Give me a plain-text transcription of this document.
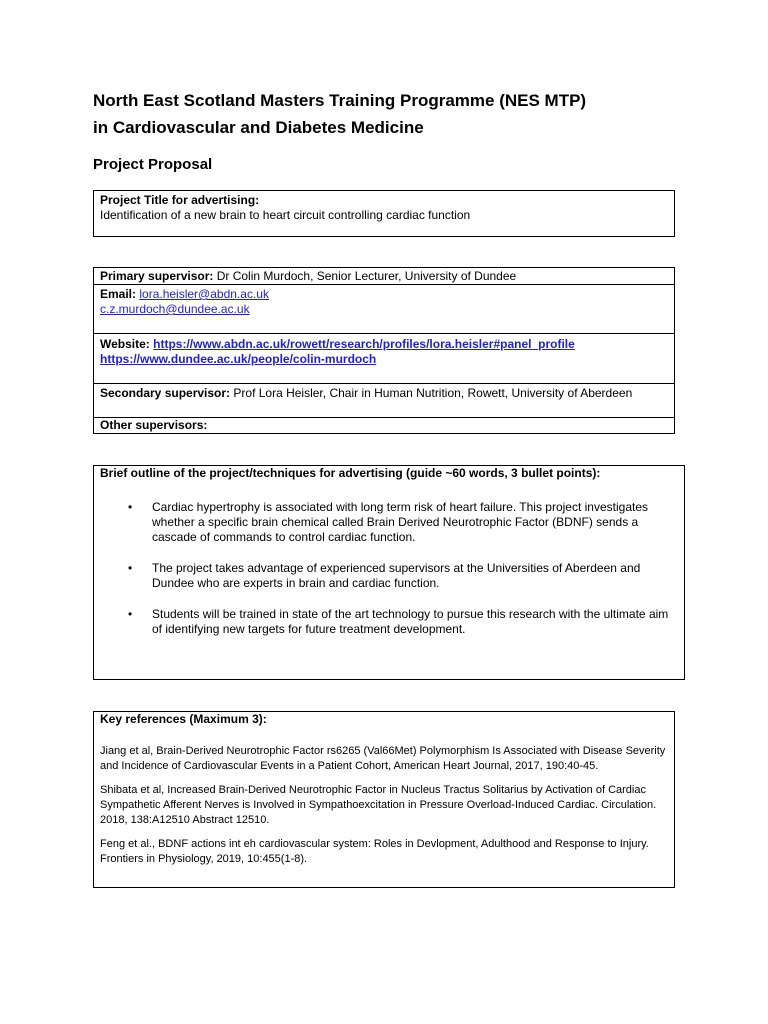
North East Scotland Masters Training Programme (NES MTP)
in Cardiovascular and Diabetes Medicine
Project Proposal
Project Title for advertising:
Identification of a new brain to heart circuit controlling cardiac function
Primary supervisor: Dr Colin Murdoch, Senior Lecturer, University of Dundee
Email: lora.heisler@abdn.ac.uk
c.z.murdoch@dundee.ac.uk
Website: https://www.abdn.ac.uk/rowett/research/profiles/lora.heisler#panel_profile
https://www.dundee.ac.uk/people/colin-murdoch
Secondary supervisor: Prof Lora Heisler, Chair in Human Nutrition, Rowett, University of Aberdeen
Other supervisors:
Brief outline of the project/techniques for advertising (guide ~60 words, 3 bullet points):
• Cardiac hypertrophy is associated with long term risk of heart failure. This project investigates whether a specific brain chemical called Brain Derived Neurotrophic Factor (BDNF) sends a cascade of commands to control cardiac function.
• The project takes advantage of experienced supervisors at the Universities of Aberdeen and Dundee who are experts in brain and cardiac function.
• Students will be trained in state of the art technology to pursue this research with the ultimate aim of identifying new targets for future treatment development.
Key references (Maximum 3):
Jiang et al, Brain-Derived Neurotrophic Factor rs6265 (Val66Met) Polymorphism Is Associated with Disease Severity and Incidence of Cardiovascular Events in a Patient Cohort, American Heart Journal, 2017, 190:40-45.
Shibata et al, Increased Brain-Derived Neurotrophic Factor in Nucleus Tractus Solitarius by Activation of Cardiac Sympathetic Afferent Nerves is Involved in Sympathoexcitation in Pressure Overload-Induced Cardiac. Circulation. 2018, 138:A12510 Abstract 12510.
Feng et al., BDNF actions int eh cardiovascular system: Roles in Devlopment, Adulthood and Response to Injury. Frontiers in Physiology, 2019, 10:455(1-8).
